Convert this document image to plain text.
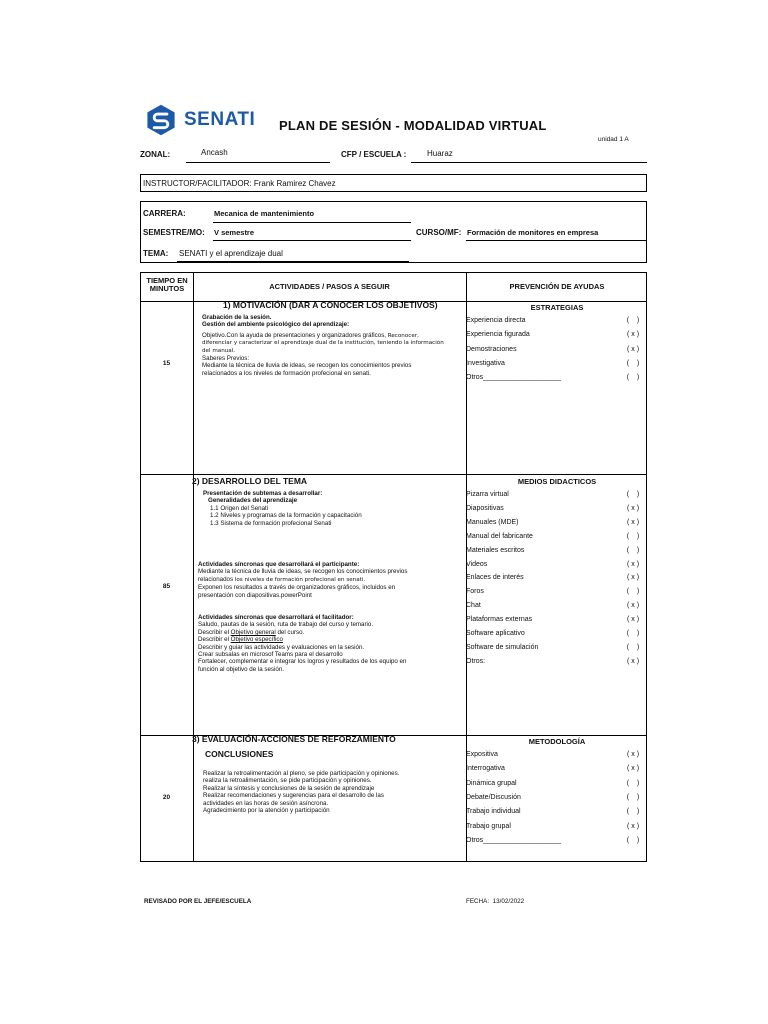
SENATI PLAN DE SESIÓN - MODALIDAD VIRTUAL
unidad 1 A
ZONAL:	Ancash	CFP / ESCUELA :	Huaraz
INSTRUCTOR/FACILITADOR: Frank Ramirez Chavez
CARRERA:	Mecanica de mantenimiento
SEMESTRE/MO: V semestre	CURSO/MF: Formación de monitores en empresa
TEMA: SENATI y el aprendizaje dual
TIEMPO EN
MINUTOS	ACTIVIDADES / PASOS A SEGUIR	PREVENCIÓN DE AYUDAS
15
1) MOTIVACIÓN (DAR A CONOCER LOS OBJETIVOS)
Grabación de la sesión.
Gestión del ambiente psicológico del aprendizaje:
Objetivo.Con la ayuda de presentaciones y organizadores gráficos, Reconocer,
diferenciar y caracterizar el aprendizaje dual de la institución, teniendo la información
del manual.
Saberes Previos:
Mediante la técnica de lluvia de ideas, se recogen los conocimientos previos
relacionados a los niveles de formación profecional en senati.
ESTRATEGIAS
Experiencia directa	(    )
Experiencia figurada	( x )
Demostraciones	( x )
Investigativa	(    )
Otros____________________	(    )
85
2) DESARROLLO DEL TEMA
Presentación de subtemas a desarrollar:
Generalidades del aprendizaje
1.1 Origen del Senati
1.2 Niveles y programas de la formación y capacitación
1.3 Sistema de formación profecional Senati
Actividades síncronas que desarrollará el participante:
Mediante la técnica de lluvia de ideas, se recogen los conocimientos previos
relacionados los niveles de formación profecional en senati.
Exponen los resultados a través de organizadores gráficos, incluidos en
presentación con diapositivas.powerPoint
Actividades síncronas que desarrollará el facilitador:
Saludo, pautas de la sesión, ruta de trabajo del curso y temario.
Describir el Objetivo general del curso.
Describir el Objetivo específico
Describir y guiar las actividades y evaluaciones en la sesión.
Crear subsalas en microsof Teams para el desarrollo
Fortalecer, complementar e integrar los logros y resultados de los equipo en
función al objetivo de la sesión.
MEDIOS DIDACTICOS
Pizarra virtual	(    )
Diapositivas	( x )
Manuales (MDE)	( x )
Manual del fabricante	(    )
Materiales escritos	(    )
Videos	( x )
Enlaces de interés	( x )
Foros	(    )
Chat	( x )
Plataformas externas	( x )
Software aplicativo	(    )
Software de simulación	(    )
Otros:	( x )
20
3) EVALUACIÓN-ACCIONES DE REFORZAMIENTO
CONCLUSIONES
Realizar la retroalimentación al pleno, se pide participación y opiniones.
realiza la retroalimentación, se pide participación y opiniones.
Realizar la síntesis y conclusiones de la sesión de aprendizaje
Realizar recomendaciones y sugerencias para el desarrollo de las
actividades en las horas de sesión asíncrona.
Agradecimiento por la atención y participación
METODOLOGÍA
Expositiva	( x )
Interrogativa	( x )
Dinámica grupal	(    )
Debate/Discusión	(    )
Trabajo individual	(    )
Trabajo grupal	( x )
Otros____________________	(    )
REVISADO POR EL JEFE/ESCUELA	FECHA: 13/02/2022
